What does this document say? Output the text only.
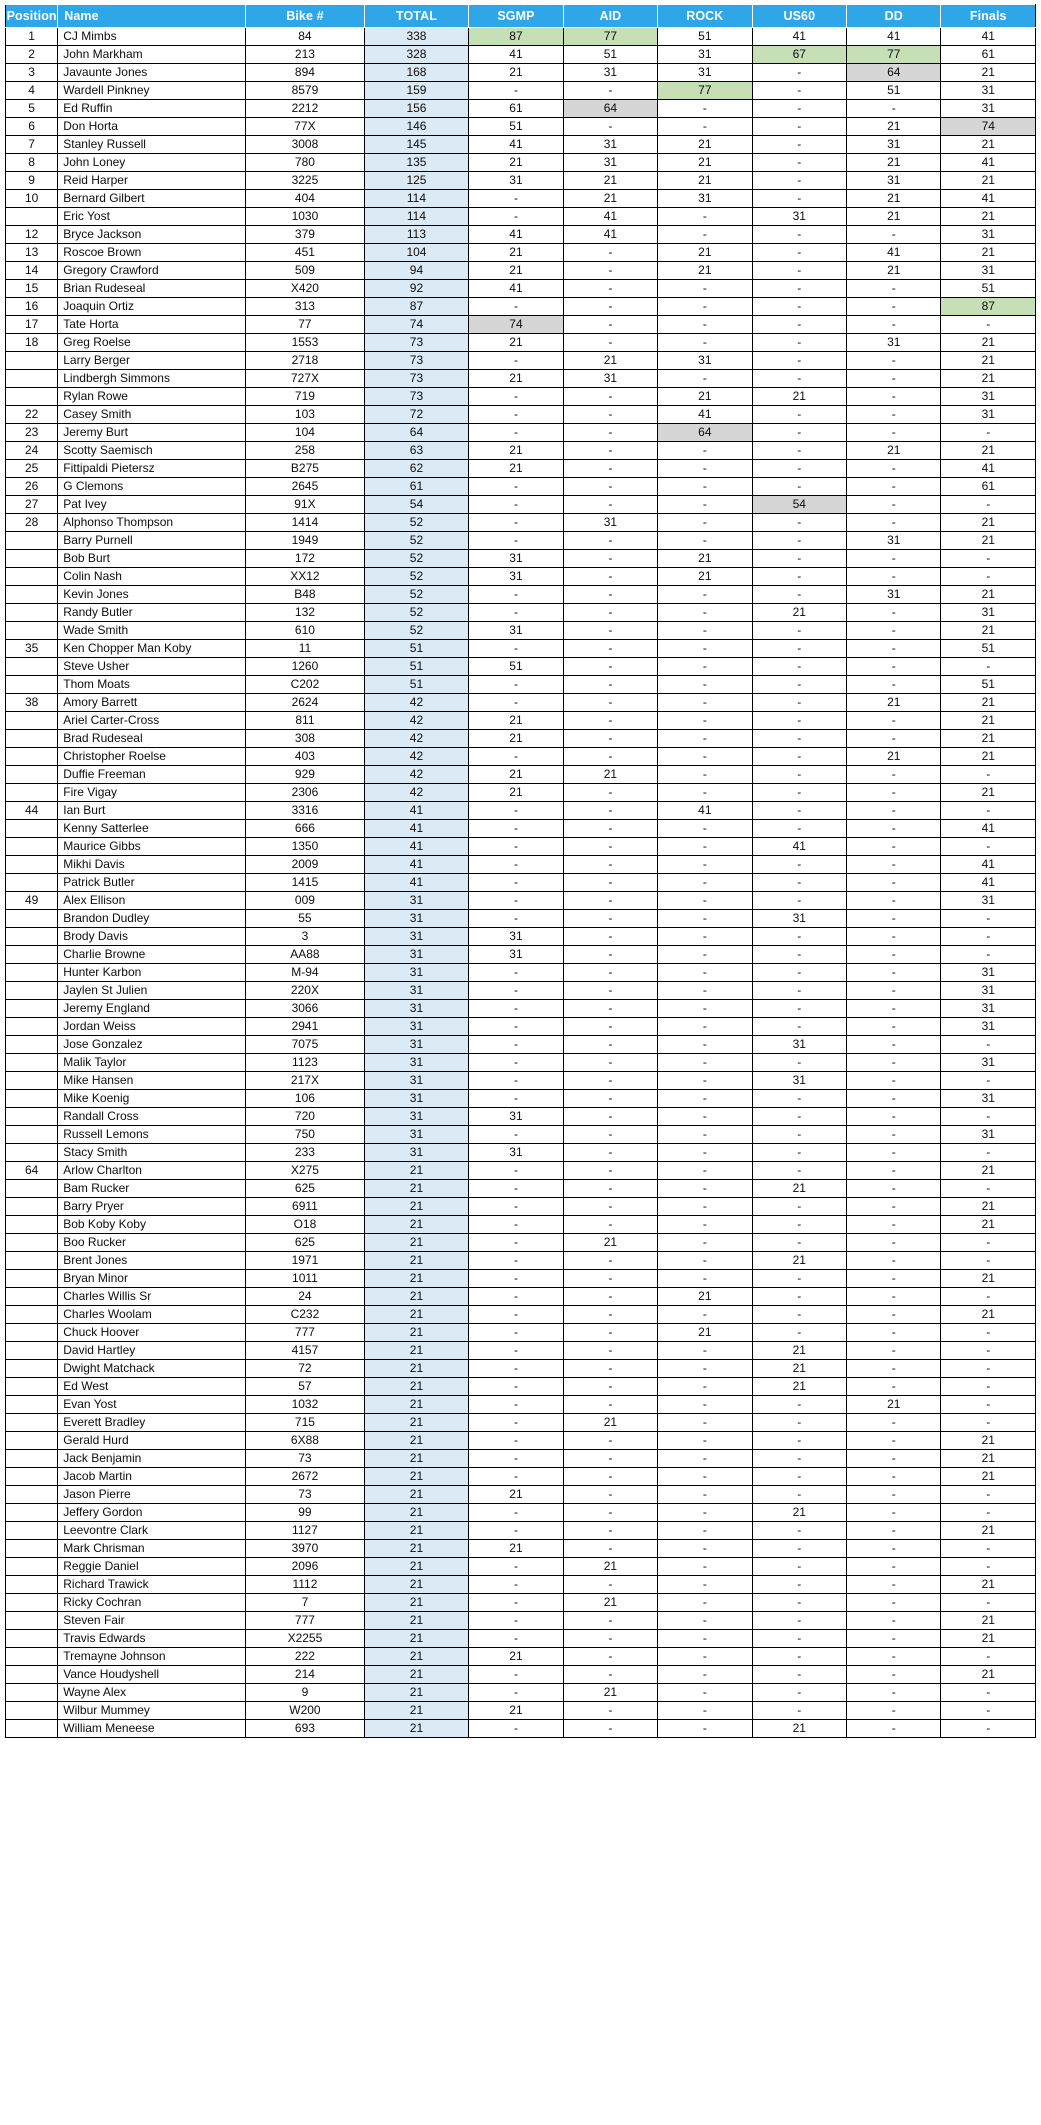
Position	Name	Bike #	TOTAL	SGMP	AID	ROCK	US60	DD	Finals
1	CJ Mimbs	84	338	87	77	51	41	41	41
2	John Markham	213	328	41	51	31	67	77	61
3	Javaunte Jones	894	168	21	31	31	-	64	21
4	Wardell Pinkney	8579	159	-	-	77	-	51	31
5	Ed Ruffin	2212	156	61	64	-	-	-	31
6	Don Horta	77X	146	51	-	-	-	21	74
7	Stanley Russell	3008	145	41	31	21	-	31	21
8	John Loney	780	135	21	31	21	-	21	41
9	Reid Harper	3225	125	31	21	21	-	31	21
10	Bernard Gilbert	404	114	-	21	31	-	21	41
	Eric Yost	1030	114	-	41	-	31	21	21
12	Bryce Jackson	379	113	41	41	-	-	-	31
13	Roscoe Brown	451	104	21	-	21	-	41	21
14	Gregory Crawford	509	94	21	-	21	-	21	31
15	Brian Rudeseal	X420	92	41	-	-	-	-	51
16	Joaquin Ortiz	313	87	-	-	-	-	-	87
17	Tate Horta	77	74	74	-	-	-	-	-
18	Greg Roelse	1553	73	21	-	-	-	31	21
	Larry Berger	2718	73	-	21	31	-	-	21
	Lindbergh Simmons	727X	73	21	31	-	-	-	21
	Rylan Rowe	719	73	-	-	21	21	-	31
22	Casey Smith	103	72	-	-	41	-	-	31
23	Jeremy Burt	104	64	-	-	64	-	-	-
24	Scotty Saemisch	258	63	21	-	-	-	21	21
25	Fittipaldi Pietersz	B275	62	21	-	-	-	-	41
26	G Clemons	2645	61	-	-	-	-	-	61
27	Pat Ivey	91X	54	-	-	-	54	-	-
28	Alphonso Thompson	1414	52	-	31	-	-	-	21
	Barry Purnell	1949	52	-	-	-	-	31	21
	Bob Burt	172	52	31	-	21	-	-	-
	Colin Nash	XX12	52	31	-	21	-	-	-
	Kevin Jones	B48	52	-	-	-	-	31	21
	Randy Butler	132	52	-	-	-	21	-	31
	Wade Smith	610	52	31	-	-	-	-	21
35	Ken Chopper Man Koby	11	51	-	-	-	-	-	51
	Steve Usher	1260	51	51	-	-	-	-	-
	Thom Moats	C202	51	-	-	-	-	-	51
38	Amory Barrett	2624	42	-	-	-	-	21	21
	Ariel Carter-Cross	811	42	21	-	-	-	-	21
	Brad Rudeseal	308	42	21	-	-	-	-	21
	Christopher Roelse	403	42	-	-	-	-	21	21
	Duffie Freeman	929	42	21	21	-	-	-	-
	Fire Vigay	2306	42	21	-	-	-	-	21
44	Ian Burt	3316	41	-	-	41	-	-	-
	Kenny Satterlee	666	41	-	-	-	-	-	41
	Maurice Gibbs	1350	41	-	-	-	41	-	-
	Mikhi Davis	2009	41	-	-	-	-	-	41
	Patrick Butler	1415	41	-	-	-	-	-	41
49	Alex Ellison	009	31	-	-	-	-	-	31
	Brandon Dudley	55	31	-	-	-	31	-	-
	Brody Davis	3	31	31	-	-	-	-	-
	Charlie Browne	AA88	31	31	-	-	-	-	-
	Hunter Karbon	M-94	31	-	-	-	-	-	31
	Jaylen St Julien	220X	31	-	-	-	-	-	31
	Jeremy England	3066	31	-	-	-	-	-	31
	Jordan Weiss	2941	31	-	-	-	-	-	31
	Jose Gonzalez	7075	31	-	-	-	31	-	-
	Malik Taylor	1123	31	-	-	-	-	-	31
	Mike Hansen	217X	31	-	-	-	31	-	-
	Mike Koenig	106	31	-	-	-	-	-	31
	Randall Cross	720	31	31	-	-	-	-	-
	Russell Lemons	750	31	-	-	-	-	-	31
	Stacy Smith	233	31	31	-	-	-	-	-
64	Arlow Charlton	X275	21	-	-	-	-	-	21
	Bam Rucker	625	21	-	-	-	21	-	-
	Barry Pryer	6911	21	-	-	-	-	-	21
	Bob Koby Koby	O18	21	-	-	-	-	-	21
	Boo Rucker	625	21	-	21	-	-	-	-
	Brent Jones	1971	21	-	-	-	21	-	-
	Bryan Minor	1011	21	-	-	-	-	-	21
	Charles Willis Sr	24	21	-	-	21	-	-	-
	Charles Woolam	C232	21	-	-	-	-	-	21
	Chuck Hoover	777	21	-	-	21	-	-	-
	David Hartley	4157	21	-	-	-	21	-	-
	Dwight Matchack	72	21	-	-	-	21	-	-
	Ed West	57	21	-	-	-	21	-	-
	Evan Yost	1032	21	-	-	-	-	21	-
	Everett Bradley	715	21	-	21	-	-	-	-
	Gerald Hurd	6X88	21	-	-	-	-	-	21
	Jack Benjamin	73	21	-	-	-	-	-	21
	Jacob Martin	2672	21	-	-	-	-	-	21
	Jason Pierre	73	21	21	-	-	-	-	-
	Jeffery Gordon	99	21	-	-	-	21	-	-
	Leevontre Clark	1127	21	-	-	-	-	-	21
	Mark Chrisman	3970	21	21	-	-	-	-	-
	Reggie Daniel	2096	21	-	21	-	-	-	-
	Richard Trawick	1112	21	-	-	-	-	-	21
	Ricky Cochran	7	21	-	21	-	-	-	-
	Steven Fair	777	21	-	-	-	-	-	21
	Travis Edwards	X2255	21	-	-	-	-	-	21
	Tremayne Johnson	222	21	21	-	-	-	-	-
	Vance Houdyshell	214	21	-	-	-	-	-	21
	Wayne Alex	9	21	-	21	-	-	-	-
	Wilbur Mummey	W200	21	21	-	-	-	-	-
	William Meneese	693	21	-	-	-	21	-	-
